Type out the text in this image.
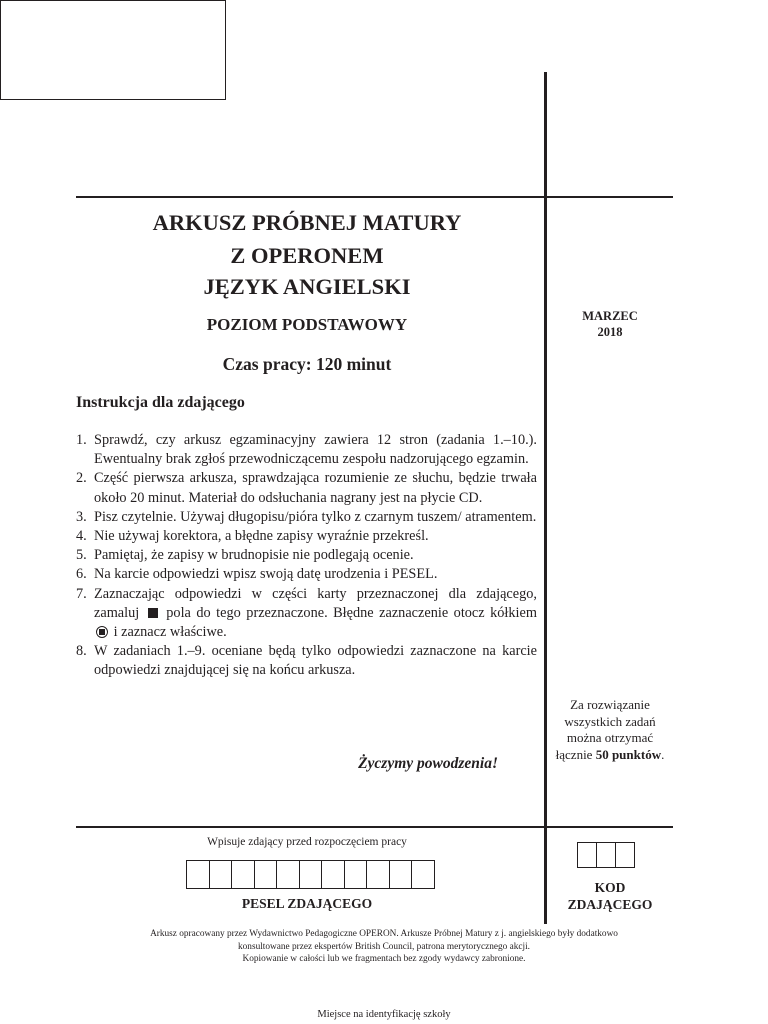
Miejsce na identyfikację szkoły
ARKUSZ PRÓBNEJ MATURY
Z OPERONEM
JĘZYK ANGIELSKI
POZIOM PODSTAWOWY
Czas pracy: 120 minut
MARZEC
2018
Instrukcja dla zdającego
1. Sprawdź, czy arkusz egzaminacyjny zawiera 12 stron (zadania 1.–10.). Ewentualny brak zgłoś przewodniczącemu zespołu nadzorującego egzamin.
2. Część pierwsza arkusza, sprawdzająca rozumienie ze słuchu, będzie trwała około 20 minut. Materiał do odsłuchania nagrany jest na płycie CD.
3. Pisz czytelnie. Używaj długopisu/pióra tylko z czarnym tuszem/ atramentem.
4. Nie używaj korektora, a błędne zapisy wyraźnie przekreśl.
5. Pamiętaj, że zapisy w brudnopisie nie podlegają ocenie.
6. Na karcie odpowiedzi wpisz swoją datę urodzenia i PESEL.
7. Zaznaczając odpowiedzi w części karty przeznaczonej dla zdającego, zamaluj pola do tego przeznaczone. Błędne zaznaczenie otocz kółkiem  i zaznacz właściwe.
8. W zadaniach 1.–9. oceniane będą tylko odpowiedzi zaznaczone na karcie odpowiedzi znajdującej się na końcu arkusza.
Życzymy powodzenia!
Za rozwiązanie wszystkich zadań można otrzymać łącznie 50 punktów.
Wpisuje zdający przed rozpoczęciem pracy
PESEL ZDAJĄCEGO
KOD
ZDAJĄCEGO
Arkusz opracowany przez Wydawnictwo Pedagogiczne OPERON. Arkusze Próbnej Matury z j. angielskiego były dodatkowo
konsultowane przez ekspertów British Council, patrona merytorycznego akcji.
Kopiowanie w całości lub we fragmentach bez zgody wydawcy zabronione.
